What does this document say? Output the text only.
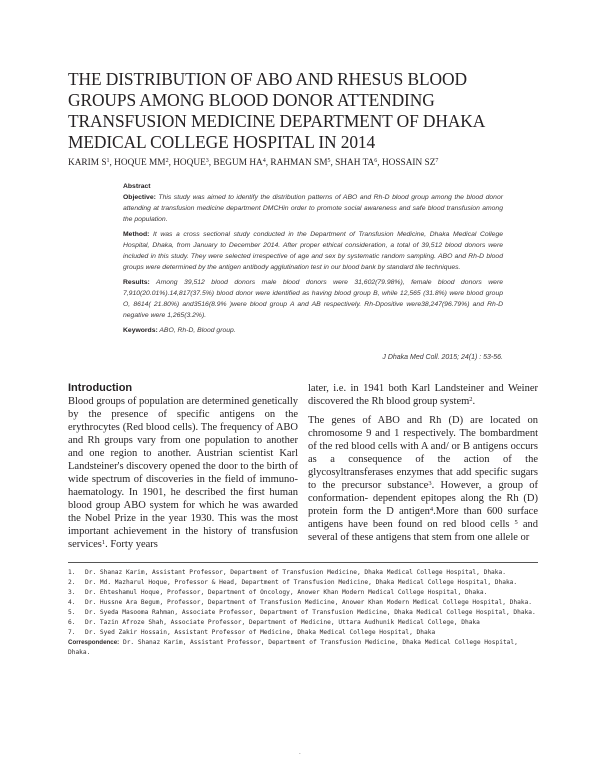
THE DISTRIBUTION OF ABO AND RHESUS BLOOD GROUPS AMONG BLOOD DONOR ATTENDING TRANSFUSION MEDICINE DEPARTMENT OF DHAKA MEDICAL COLLEGE HOSPITAL IN 2014
KARIM $S^1$, HOQUE $MM^2$, HOQUE$^3$, BEGUM $HA^4$, RAHMAN $SM^5$, SHAH $TA^6$, HOSSAIN $SZ^7$
Abstract

Objective: This study was aimed to identify the distribution patterns of ABO and Rh-D blood group among the blood donor attending at transfusion medicine department DMCHin order to promote social awareness and safe blood transfusion among the population.

Method: It was a cross sectional study conducted in the Department of Transfusion Medicine, Dhaka Medical College Hospital, Dhaka, from January to December 2014. After proper ethical consideration, a total of 39,512 blood donors were included in this study. They were selected irrespective of age and sex by systematic random sampling. ABO and Rh-D blood groups were determined by the antigen antibody agglutination test in our blood bank by standard tile techniques.

Results: Among 39,512 blood donors male blood donors were 31,602(79.98%), female blood donors were 7,910(20.01%).14,817(37.5%) blood donor were identified as having blood group B, while 12,565 (31.8%) were blood group O, 8614( 21.80%) and3516(8.9% )were blood group A and AB respectively. Rh-Dpositive were38,247(96.79%) and Rh-D negative were 1,265(3.2%).

Keywords: ABO, Rh-D, Blood group.

J Dhaka Med Coll. 2015; 24(1) : 53-56.
Introduction

Blood groups of population are determined genetically by the presence of specific antigens on the erythrocytes (Red blood cells). The frequency of ABO and Rh groups vary from one population to another and one region to another. Austrian scientist Karl Landsteiner's discovery opened the door to the birth of wide spectrum of discoveries in the field of immuno-haematology. In 1901, he described the first human blood group ABO system for which he was awarded the Nobel Prize in the year 1930. This was the most important achievement in the history of transfusion services$^1$. Forty years

later, i.e. in 1941 both Karl Landsteiner and Weiner discovered the Rh blood group system$^2$.

The genes of ABO and Rh (D) are located on chromosome 9 and 1 respectively. The bombardment of the red blood cells with A and/ or B antigens occurs as a consequence of the action of the glycosyltransferases enzymes that add specific sugars to the precursor substance$^3$. However, a group of conformation- dependent epitopes along the Rh (D) protein form the D antigen$^4$.More than 600 surface antigens have been found on red blood cells $^5$ and several of these antigens that stem from one allele or

1.	Dr. Shanaz Karim, Assistant Professor, Department of Transfusion Medicine, Dhaka Medical College Hospital, Dhaka.
2.	Dr. Md. Mazharul Hoque, Professor & Head, Department of Transfusion Medicine, Dhaka Medical College Hospital, Dhaka.
3.	Dr. Ehteshamul Hoque, Professor, Department of Oncology, Anower Khan Modern Medical College Hospital, Dhaka.
4.	Dr. Hussne Ara Begum, Professor, Department of Transfusion Medicine, Anower Khan Modern Medical College Hospital, Dhaka.
5.	Dr. Syeda Masooma Rahman, Associate Professor, Department of Transfusion Medicine, Dhaka Medical College Hospital, Dhaka.
6.	Dr. Tazin Afroze Shah, Associate Professor, Department of Medicine, Uttara Audhunik Medical College, Dhaka
7.	Dr. Syed Zakir Hossain, Assistant Professor of Medicine, Dhaka Medical College Hospital, Dhaka
Correspondence: Dr. Shanaz Karim, Assistant Professor, Department of Transfusion Medicine, Dhaka Medical College Hospital, Dhaka.
.
